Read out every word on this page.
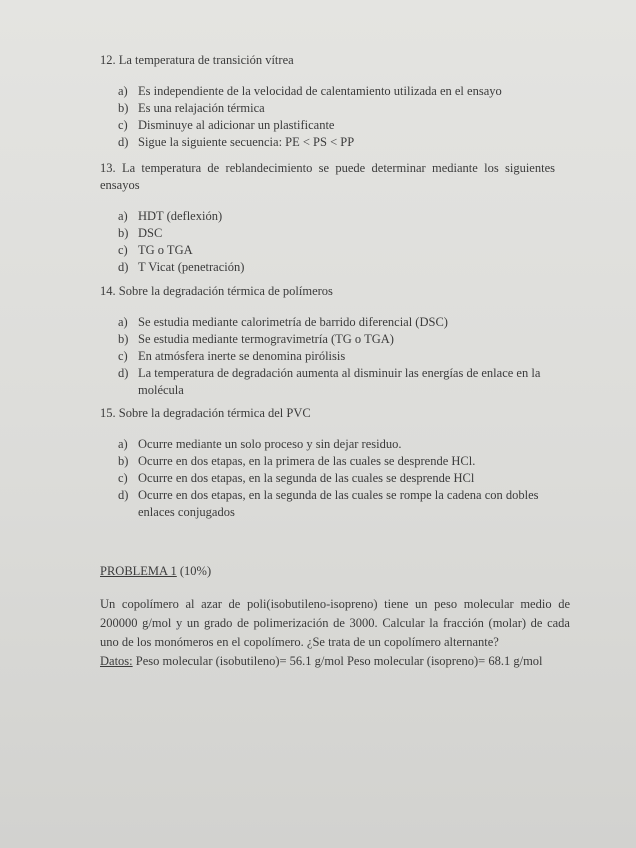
12. La temperatura de transición vítrea

a) Es independiente de la velocidad de calentamiento utilizada en el ensayo
b) Es una relajación térmica
c) Disminuye al adicionar un plastificante
d) Sigue la siguiente secuencia: PE < PS < PP

13. La temperatura de reblandecimiento se puede determinar mediante los siguientes ensayos

a) HDT (deflexión)
b) DSC
c) TG o TGA
d) T Vicat (penetración)

14. Sobre la degradación térmica de polímeros

a) Se estudia mediante calorimetría de barrido diferencial (DSC)
b) Se estudia mediante termogravimetría (TG o TGA)
c) En atmósfera inerte se denomina pirólisis
d) La temperatura de degradación aumenta al disminuir las energías de enlace en la molécula

15. Sobre la degradación térmica del PVC

a) Ocurre mediante un solo proceso y sin dejar residuo.
b) Ocurre en dos etapas, en la primera de las cuales se desprende HCl.
c) Ocurre en dos etapas, en la segunda de las cuales se desprende HCl
d) Ocurre en dos etapas, en la segunda de las cuales se rompe la cadena con dobles enlaces conjugados
PROBLEMA 1 (10%)

Un copolímero al azar de poli(isobutileno-isopreno) tiene un peso molecular medio de 200000 g/mol y un grado de polimerización de 3000. Calcular la fracción (molar) de cada uno de los monómeros en el copolímero. ¿Se trata de un copolímero alternante?

Datos: Peso molecular (isobutileno)= 56.1 g/mol Peso molecular (isopreno)= 68.1 g/mol
